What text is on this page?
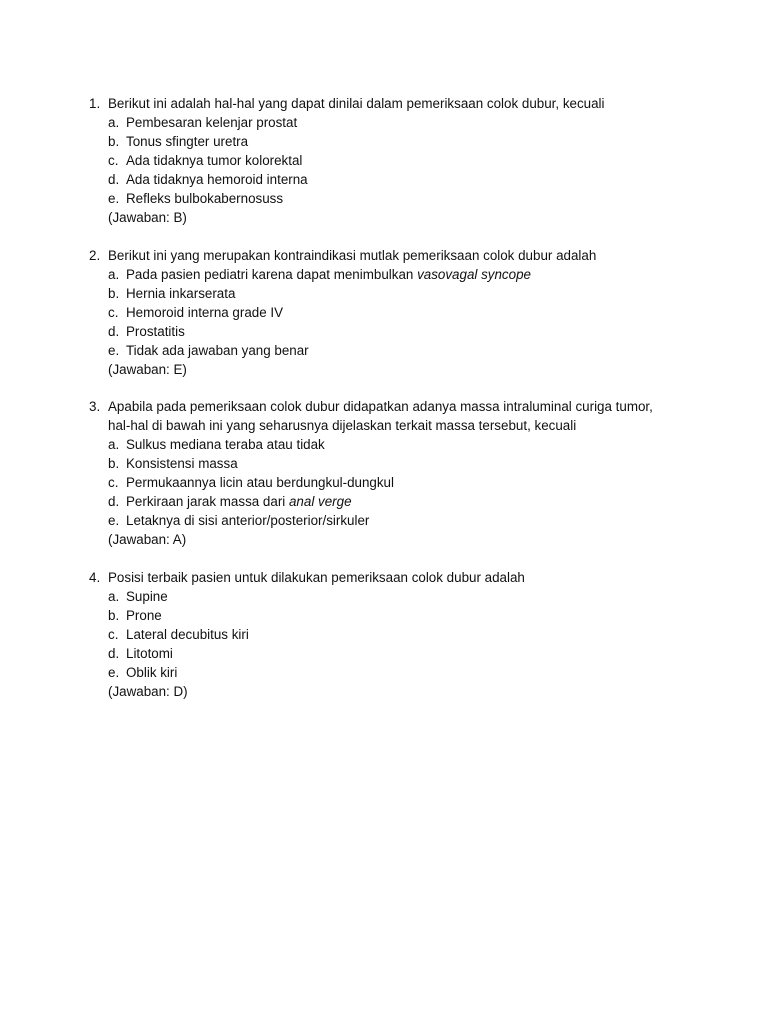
1. Berikut ini adalah hal-hal yang dapat dinilai dalam pemeriksaan colok dubur, kecuali
a. Pembesaran kelenjar prostat
b. Tonus sfingter uretra
c. Ada tidaknya tumor kolorektal
d. Ada tidaknya hemoroid interna
e. Refleks bulbokabernosuss
(Jawaban: B)
2. Berikut ini yang merupakan kontraindikasi mutlak pemeriksaan colok dubur adalah
a. Pada pasien pediatri karena dapat menimbulkan vasovagal syncope
b. Hernia inkarserata
c. Hemoroid interna grade IV
d. Prostatitis
e. Tidak ada jawaban yang benar
(Jawaban: E)
3. Apabila pada pemeriksaan colok dubur didapatkan adanya massa intraluminal curiga tumor,
hal-hal di bawah ini yang seharusnya dijelaskan terkait massa tersebut, kecuali
a. Sulkus mediana teraba atau tidak
b. Konsistensi massa
c. Permukaannya licin atau berdungkul-dungkul
d. Perkiraan jarak massa dari anal verge
e. Letaknya di sisi anterior/posterior/sirkuler
(Jawaban: A)
4. Posisi terbaik pasien untuk dilakukan pemeriksaan colok dubur adalah
a. Supine
b. Prone
c. Lateral decubitus kiri
d. Litotomi
e. Oblik kiri
(Jawaban: D)
